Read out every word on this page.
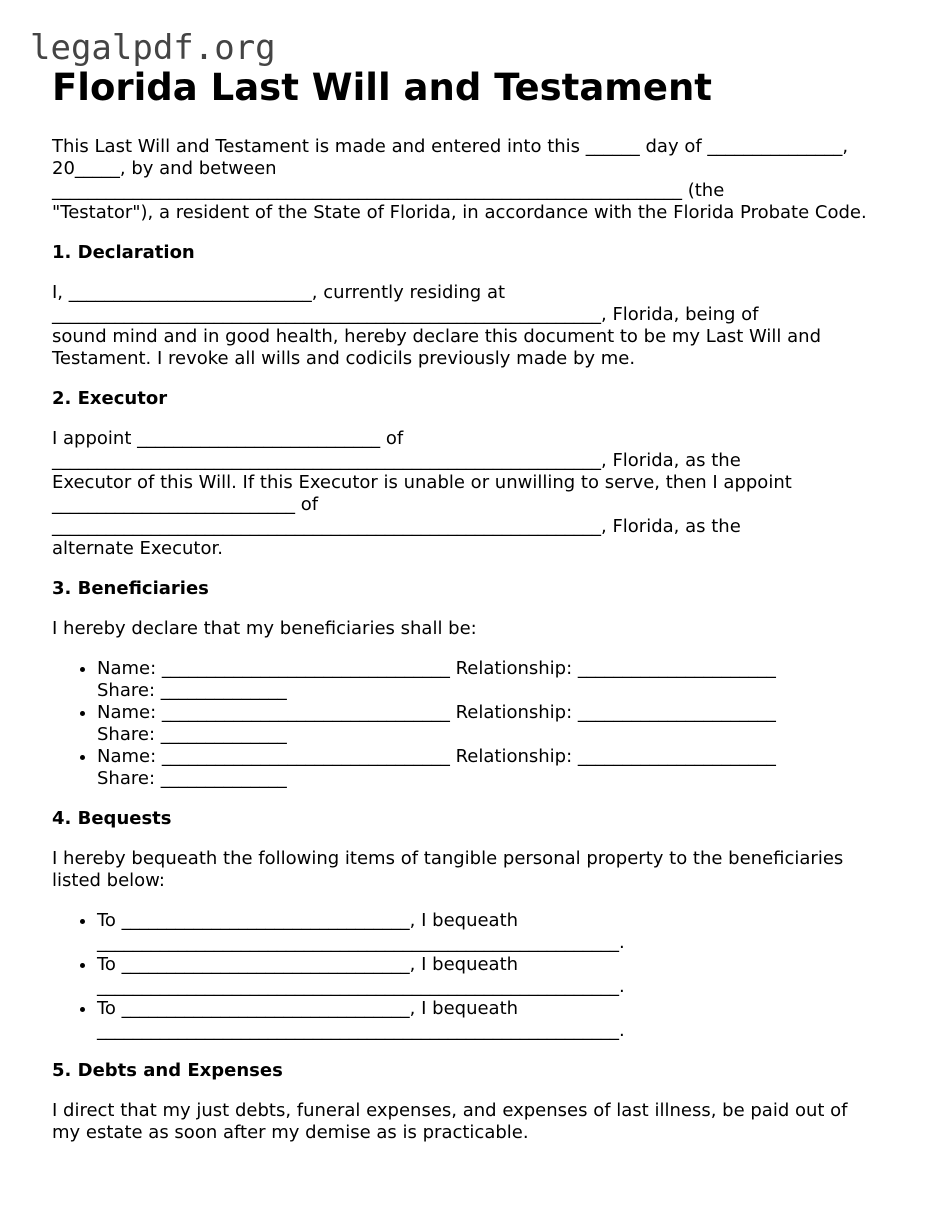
legalpdf.org
Florida Last Will and Testament

This Last Will and Testament is made and entered into this ______ day of _______________,
20_____, by and between
______________________________________________________________________ (the
"Testator"), a resident of the State of Florida, in accordance with the Florida Probate Code.

1. Declaration

I, ___________________________, currently residing at
_____________________________________________________________, Florida, being of
sound mind and in good health, hereby declare this document to be my Last Will and
Testament. I revoke all wills and codicils previously made by me.

2. Executor

I appoint ___________________________ of
_____________________________________________________________, Florida, as the
Executor of this Will. If this Executor is unable or unwilling to serve, then I appoint
___________________________ of
_____________________________________________________________, Florida, as the
alternate Executor.

3. Beneficiaries

I hereby declare that my beneficiaries shall be:

• Name: ________________________________ Relationship: ______________________
Share: ______________
• Name: ________________________________ Relationship: ______________________
Share: ______________
• Name: ________________________________ Relationship: ______________________
Share: ______________
4. Bequests

I hereby bequeath the following items of tangible personal property to the beneficiaries
listed below:

• To ________________________________, I bequeath
__________________________________________________________.
• To ________________________________, I bequeath
__________________________________________________________.
• To ________________________________, I bequeath
__________________________________________________________.
5. Debts and Expenses

I direct that my just debts, funeral expenses, and expenses of last illness, be paid out of
my estate as soon after my demise as is practicable.
